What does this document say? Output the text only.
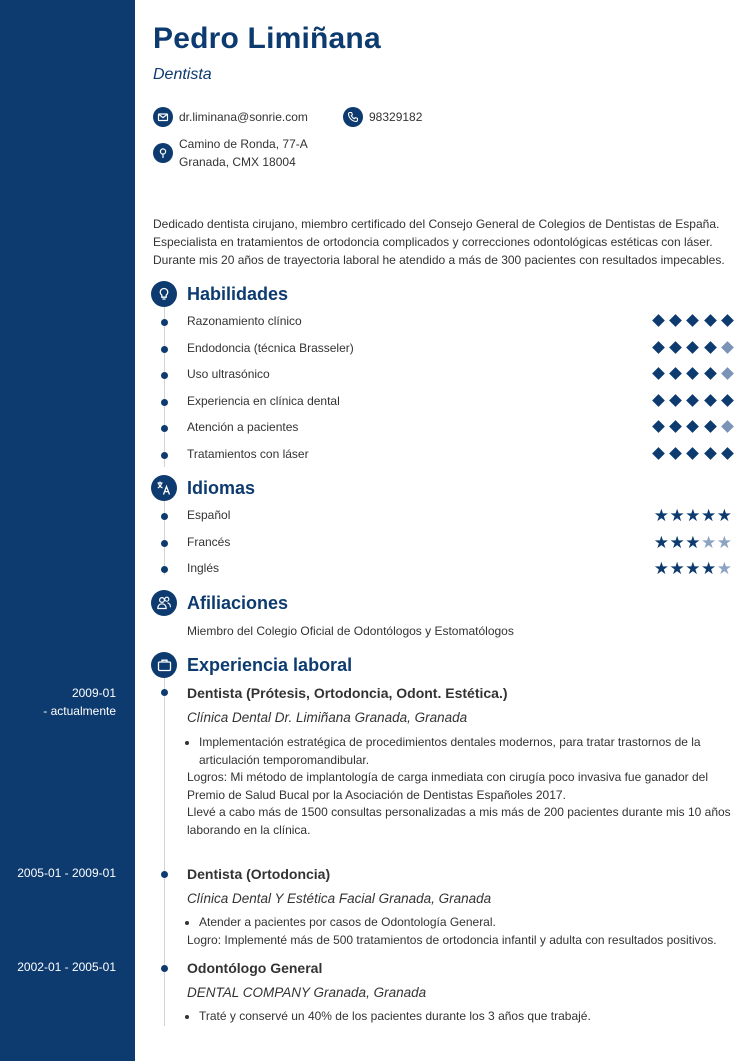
Pedro Limiñana
Dentista
dr.liminana@sonrie.com	98329182
Camino de Ronda, 77-A
Granada, CMX 18004
Dedicado dentista cirujano, miembro certificado del Consejo General de Colegios de Dentistas de España. Especialista en tratamientos de ortodoncia complicados y correcciones odontológicas estéticas con láser. Durante mis 20 años de trayectoria laboral he atendido a más de 300 pacientes con resultados impecables.
Habilidades
Razonamiento clínico
Endodoncia (técnica Brasseler)
Uso ultrasónico
Experiencia en clínica dental
Atención a pacientes
Tratamientos con láser
Idiomas
Español	★ ★ ★ ★ ★
Francés	★ ★ ★ ★ ★
Inglés	★ ★ ★ ★ ★
Afiliaciones
Miembro del Colegio Oficial de Odontólogos y Estomatólogos
Experiencia laboral
2009-01
- actualmente
Dentista (Prótesis, Ortodoncia, Odont. Estética.)
Clínica Dental Dr. Limiñana Granada, Granada
• Implementación estratégica de procedimientos dentales modernos, para tratar trastornos de la articulación temporomandibular.

Logros: Mi método de implantología de carga inmediata con cirugía poco invasiva fue ganador del Premio de Salud Bucal por la Asociación de Dentistas Españoles 2017.

Llevé a cabo más de 1500 consultas personalizadas a mis más de 200 pacientes durante mis 10 años laborando en la clínica.

2005-01 - 2009-01	Dentista (Ortodoncia)
Clínica Dental Y Estética Facial Granada, Granada
• Atender a pacientes por casos de Odontología General.

Logro: Implementé más de 500 tratamientos de ortodoncia infantil y adulta con resultados positivos.

2002-01 - 2005-01	Odontólogo General
DENTAL COMPANY Granada, Granada
• Traté y conservé un 40% de los pacientes durante los 3 años que trabajé.
